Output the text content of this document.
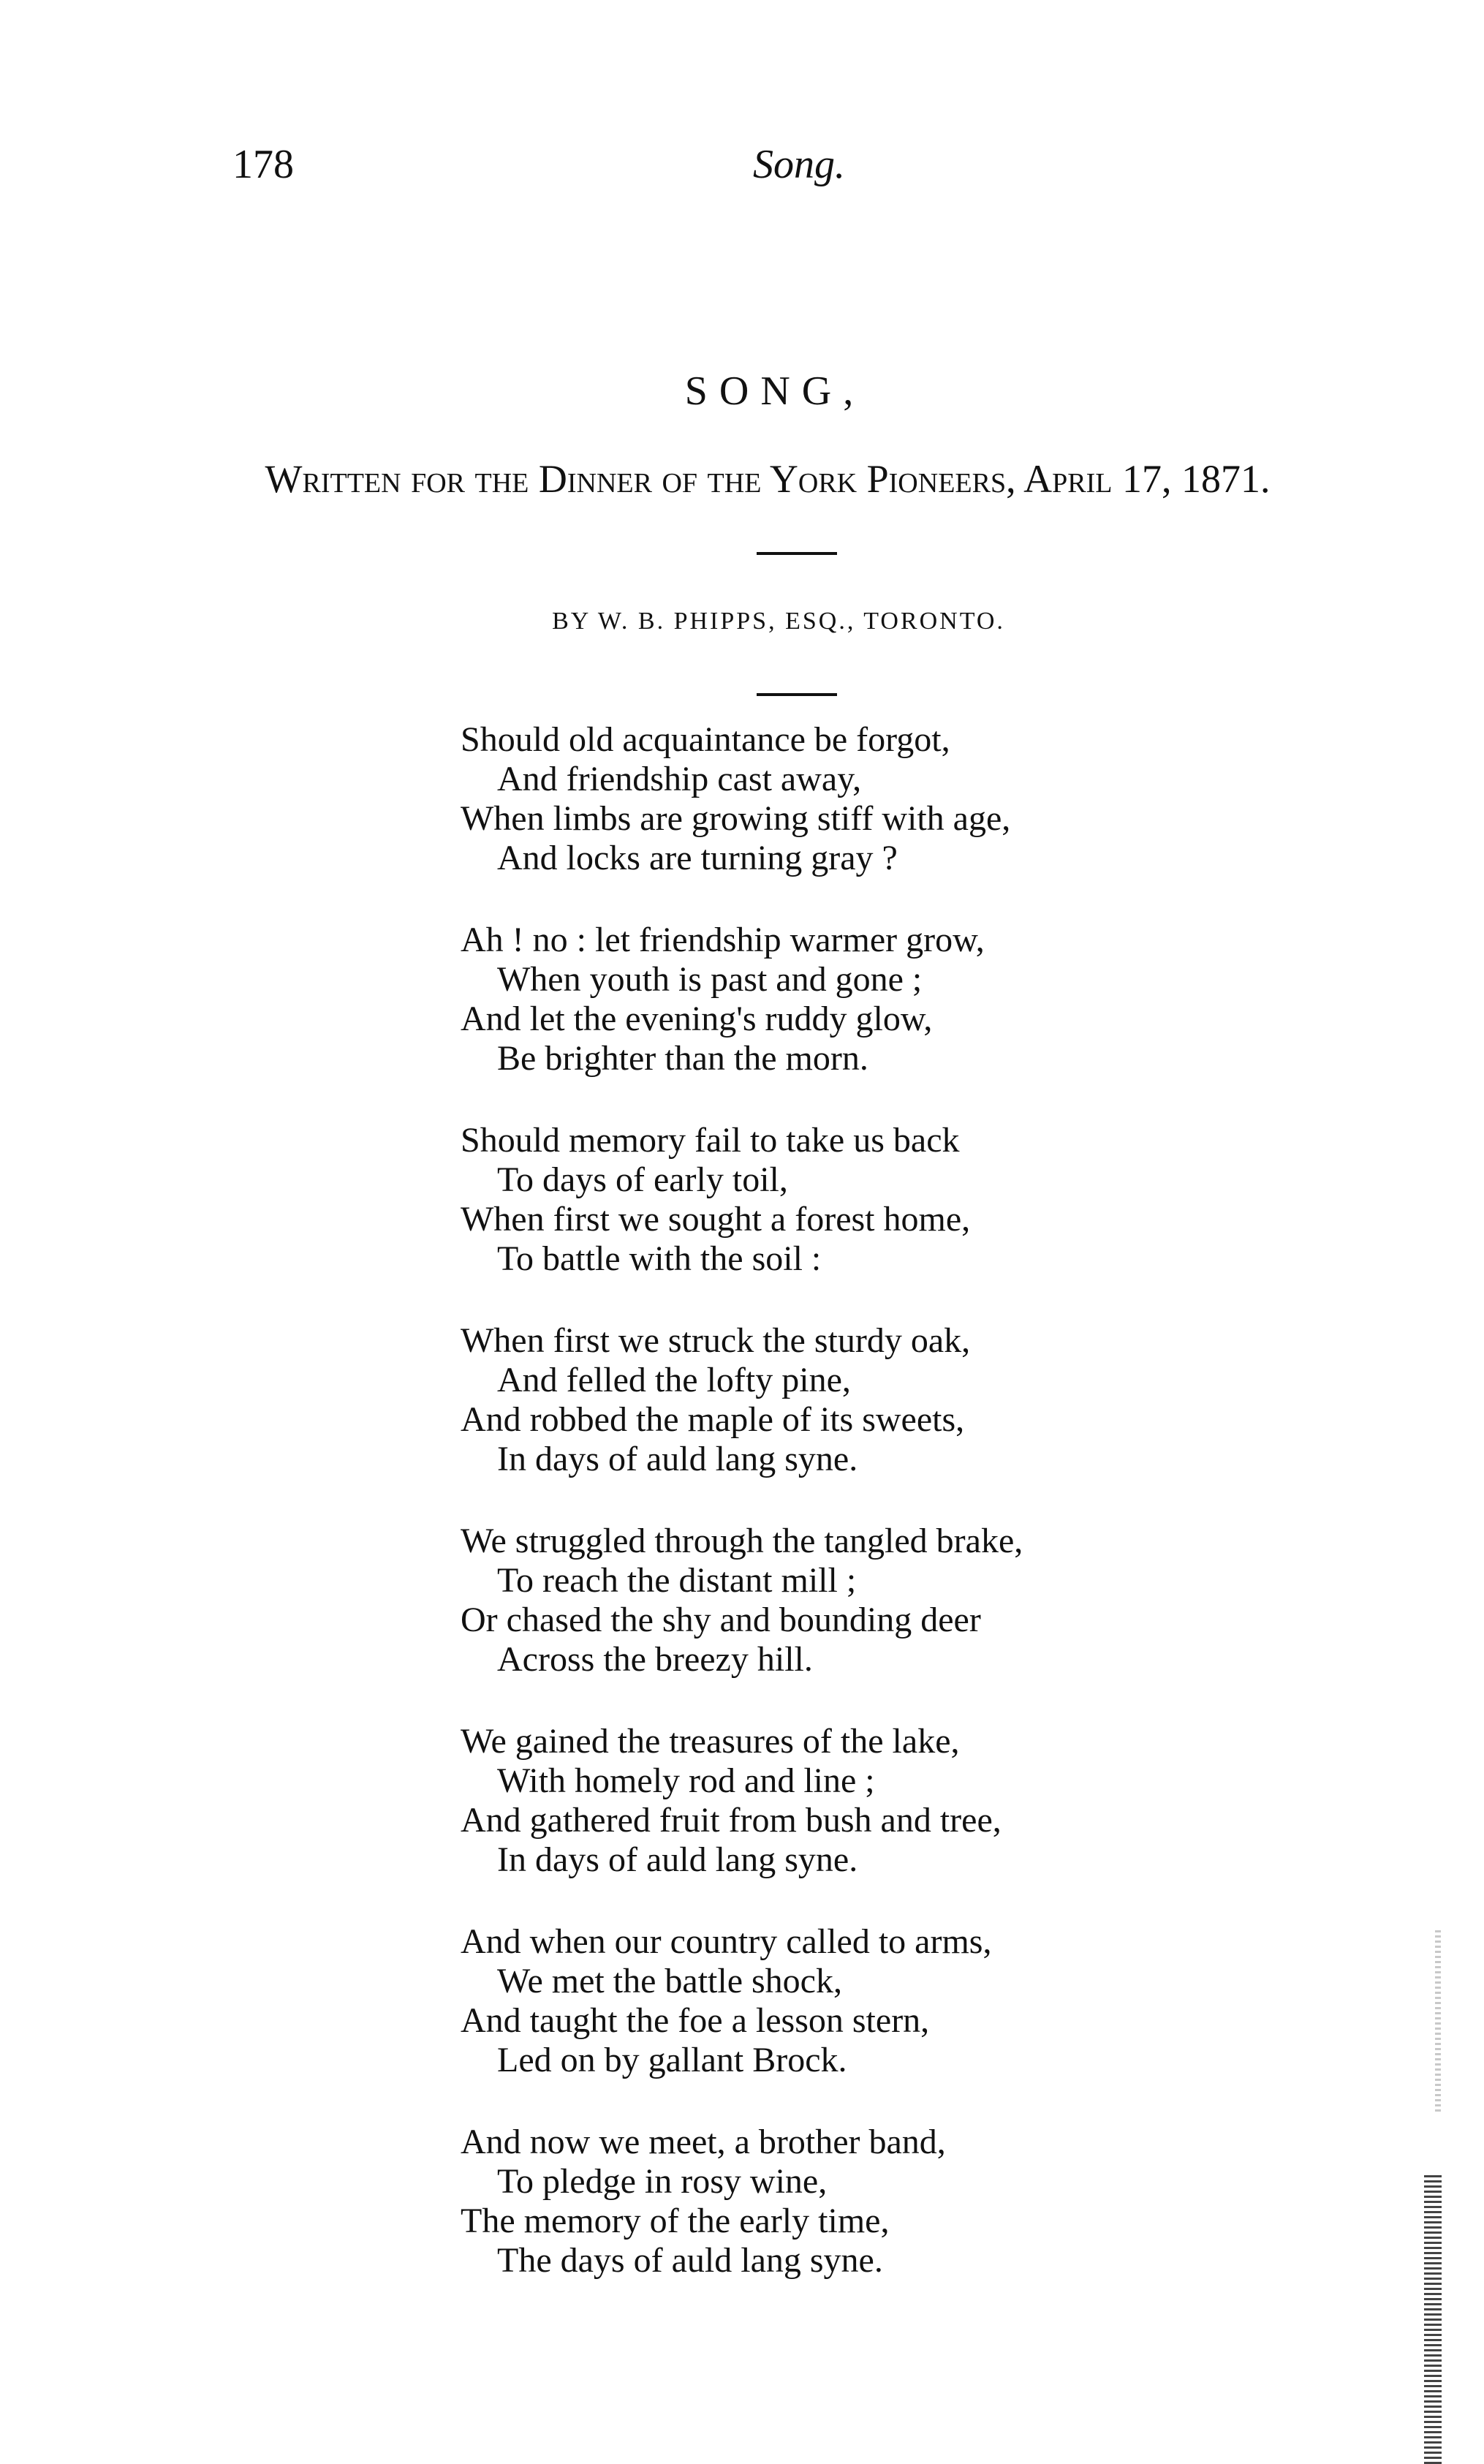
178	Song.
SONG,
Written for the Dinner of the York Pioneers, April 17, 1871.
BY W. B. PHIPPS, ESQ., TORONTO.
Should old acquaintance be forgot,
And friendship cast away,
When limbs are growing stiff with age,
And locks are turning gray ?
Ah ! no : let friendship warmer grow,
When youth is past and gone ;
And let the evening's ruddy glow,
Be brighter than the morn.
Should memory fail to take us back
To days of early toil,
When first we sought a forest home,
To battle with the soil :
When first we struck the sturdy oak,
And felled the lofty pine,
And robbed the maple of its sweets,
In days of auld lang syne.
We struggled through the tangled brake,
To reach the distant mill ;
Or chased the shy and bounding deer
Across the breezy hill.
We gained the treasures of the lake,
With homely rod and line ;
And gathered fruit from bush and tree,
In days of auld lang syne.
And when our country called to arms,
We met the battle shock,
And taught the foe a lesson stern,
Led on by gallant Brock.
And now we meet, a brother band,
To pledge in rosy wine,
The memory of the early time,
The days of auld lang syne.
